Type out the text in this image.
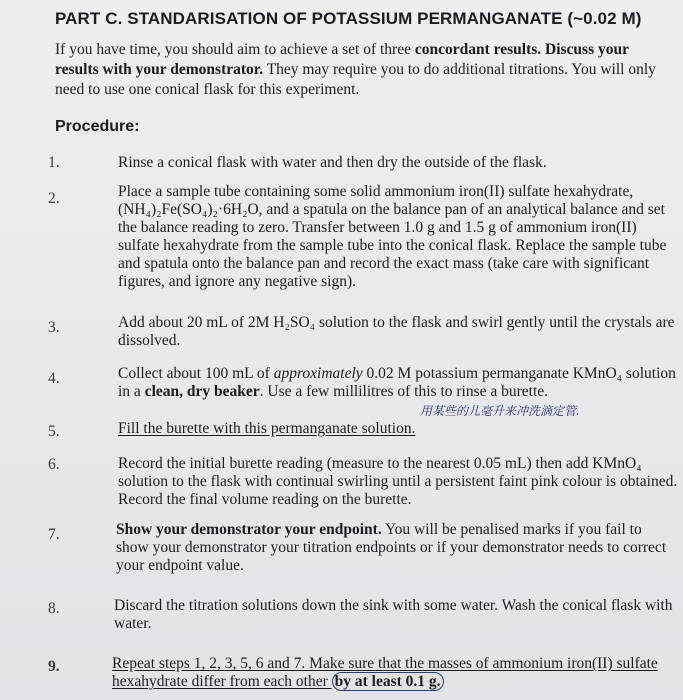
PART C. STANDARISATION OF POTASSIUM PERMANGANATE (~0.02 M)
If you have time, you should aim to achieve a set of three concordant results. Discuss your results with your demonstrator. They may require you to do additional titrations. You will only need to use one conical flask for this experiment.
Procedure:
1.	Rinse a conical flask with water and then dry the outside of the flask.
2.	Place a sample tube containing some solid ammonium iron(II) sulfate hexahydrate, (NH₄)₂Fe(SO₄)₂·6H₂O, and a spatula on the balance pan of an analytical balance and set the balance reading to zero. Transfer between 1.0 g and 1.5 g of ammonium iron(II) sulfate hexahydrate from the sample tube into the conical flask. Replace the sample tube and spatula onto the balance pan and record the exact mass (take care with significant figures, and ignore any negative sign).
3.	Add about 20 mL of 2M H₂SO₄ solution to the flask and swirl gently until the crystals are dissolved.
4.	Collect about 100 mL of approximately 0.02 M potassium permanganate KMnO₄ solution in a clean, dry beaker. Use a few millilitres of this to rinse a burette.
用某些的儿毫升来冲洗滴定管.
5.	Fill the burette with this permanganate solution.
6.	Record the initial burette reading (measure to the nearest 0.05 mL) then add KMnO₄ solution to the flask with continual swirling until a persistent faint pink colour is obtained. Record the final volume reading on the burette.
7.	Show your demonstrator your endpoint. You will be penalised marks if you fail to show your demonstrator your titration endpoints or if your demonstrator needs to correct your endpoint value.
8.	Discard the titration solutions down the sink with some water. Wash the conical flask with water.
9.	Repeat steps 1, 2, 3, 5, 6 and 7. Make sure that the masses of ammonium iron(II) sulfate hexahydrate differ from each other by at least 0.1 g.
